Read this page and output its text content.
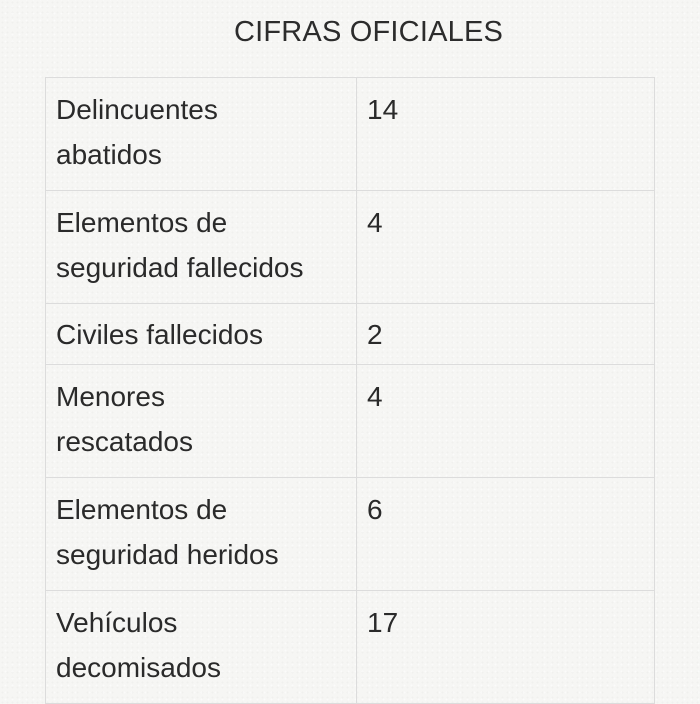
CIFRAS OFICIALES
Delincuentes
abatidos	14
Elementos de
seguridad fallecidos	4
Civiles fallecidos	2
Menores
rescatados	4
Elementos de
seguridad heridos	6
Vehículos
decomisados	17
